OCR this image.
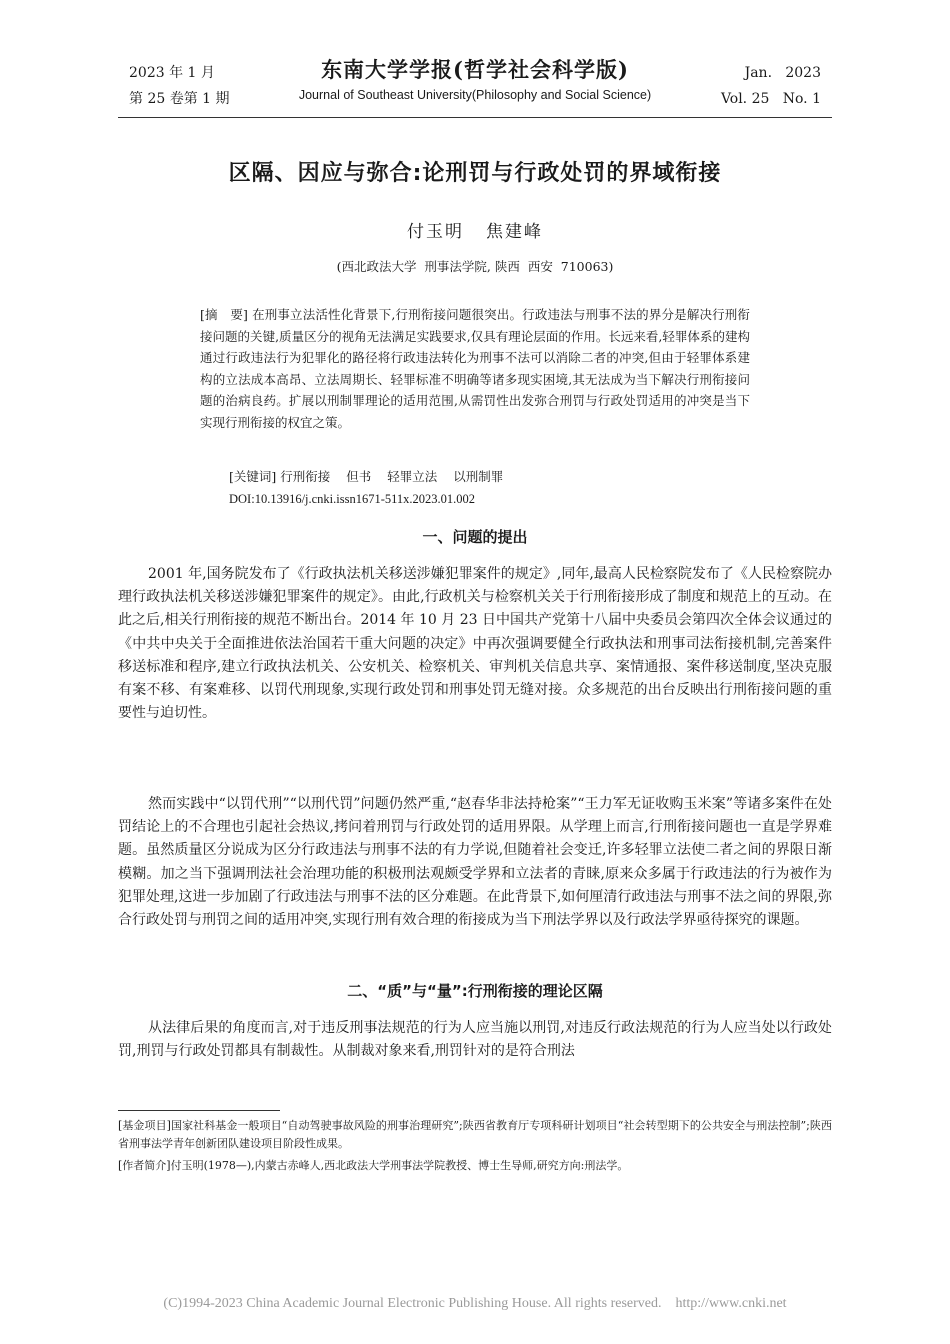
2023 年 1 月
第 25 卷第 1 期
东南大学学报(哲学社会科学版)
Journal of Southeast University(Philosophy and Social Science)
Jan.   2023
Vol. 25   No. 1
区隔、因应与弥合:论刑罚与行政处罚的界域衔接
付玉明 焦建峰
(西北政法大学  刑事法学院, 陕西  西安  710063)
[摘　要] 在刑事立法活性化背景下,行刑衔接问题很突出。行政违法与刑事不法的界分是解决行刑衔接问题的关键,质量区分的视角无法满足实践要求,仅具有理论层面的作用。长远来看,轻罪体系的建构通过行政违法行为犯罪化的路径将行政违法转化为刑事不法可以消除二者的冲突,但由于轻罪体系建构的立法成本高昂、立法周期长、轻罪标准不明确等诸多现实困境,其无法成为当下解决行刑衔接问题的治病良药。扩展以刑制罪理论的适用范围,从需罚性出发弥合刑罚与行政处罚适用的冲突是当下实现行刑衔接的权宜之策。
[关键词] 行刑衔接 但书 轻罪立法 以刑制罪
DOI:10.13916/j.cnki.issn1671-511x.2023.01.002
一、问题的提出
2001 年,国务院发布了《行政执法机关移送涉嫌犯罪案件的规定》,同年,最高人民检察院发布了《人民检察院办理行政执法机关移送涉嫌犯罪案件的规定》。由此,行政机关与检察机关关于行刑衔接形成了制度和规范上的互动。在此之后,相关行刑衔接的规范不断出台。2014 年 10 月 23 日中国共产党第十八届中央委员会第四次全体会议通过的《中共中央关于全面推进依法治国若干重大问题的决定》中再次强调要健全行政执法和刑事司法衔接机制,完善案件移送标准和程序,建立行政执法机关、公安机关、检察机关、审判机关信息共享、案情通报、案件移送制度,坚决克服有案不移、有案难移、以罚代刑现象,实现行政处罚和刑事处罚无缝对接。众多规范的出台反映出行刑衔接问题的重要性与迫切性。
然而实践中“以罚代刑”“以刑代罚”问题仍然严重,“赵春华非法持枪案”“王力军无证收购玉米案”等诸多案件在处罚结论上的不合理也引起社会热议,拷问着刑罚与行政处罚的适用界限。从学理上而言,行刑衔接问题也一直是学界难题。虽然质量区分说成为区分行政违法与刑事不法的有力学说,但随着社会变迁,许多轻罪立法使二者之间的界限日渐模糊。加之当下强调刑法社会治理功能的积极刑法观颇受学界和立法者的青睐,原来众多属于行政违法的行为被作为犯罪处理,这进一步加剧了行政违法与刑事不法的区分难题。在此背景下,如何厘清行政违法与刑事不法之间的界限,弥合行政处罚与刑罚之间的适用冲突,实现行刑有效合理的衔接成为当下刑法学界以及行政法学界亟待探究的课题。
二、“质”与“量”:行刑衔接的理论区隔
从法律后果的角度而言,对于违反刑事法规范的行为人应当施以刑罚,对违反行政法规范的行为人应当处以行政处罚,刑罚与行政处罚都具有制裁性。从制裁对象来看,刑罚针对的是符合刑法
[基金项目]国家社科基金一般项目“自动驾驶事故风险的刑事治理研究”;陕西省教育厅专项科研计划项目“社会转型期下的公共安全与刑法控制”;陕西省刑事法学青年创新团队建设项目阶段性成果。
[作者简介]付玉明(1978—),内蒙古赤峰人,西北政法大学刑事法学院教授、博士生导师,研究方向:刑法学。
(C)1994-2023 China Academic Journal Electronic Publishing House. All rights reserved.    http://www.cnki.net
